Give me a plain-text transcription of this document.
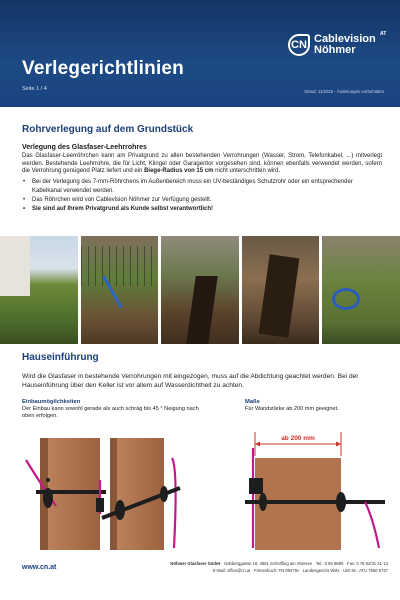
CN Cablevision
Nöhmer
AT
Verlegerichtlinien
Seite 1 / 4	Stand: 11/2022 - Änderungen vorbehalten
Rohrverlegung auf dem Grundstück
Verlegung des Glasfaser-Leehrrohres

Das Glasfaser-Leerröhrchen kann am Privatgrund zu allen bestehenden Verrohrungen (Wasser, Strom, Telefonkabel, ...) mitverlegt werden. Bestehende Leehrrohre, die für Licht, Klingel oder Garagentor vorgesehen sind, können ebenfalls verwendet werden, sofern die Verrohrung genügend Platz liefert und ein Biege-Radius von 15 cm nicht unterschritten wird.

• Bei der Verlegung des 7-mm-Röhrchens im Außenbereich muss ein UV-beständiges Schutzrohr oder ein entsprechender Kabelkanal verwendet werden.
• Das Röhrchen wird von Cablevision Nöhmer zur Verfügung gestellt.
• Sie sind auf Ihrem Privatgrund als Kunde selbst verantwortlich!
Hauseinführung

Wird die Glasfaser in bestehende Verrohrungen mit eingezogen, muss auf die Abdichtung geachtet werden. Bei der Hauseinführung über den Keller ist vor allem auf Wasserdichtheit zu achten.

Einbaumöglichkeiten
Der Einbau kann sowohl gerade als auch schräg bis 45 ° Neigung nach oben erfolgen.
Maße
Für Wandstärke ab 200 mm geeignet.
ab 200 mm
www.cn.at
Nöhmer Glasfaser GmbH · Gahberggasse 19, 4861 Schörfling am Attersee · Tel.: 0 50 9880 · Fax: 0 76 62/31 31-14
E-Mail: office@cn.at · Firmenbuch: FN 99479v · Landesgericht Wels · UID Nr.: ATU 7560 8727
